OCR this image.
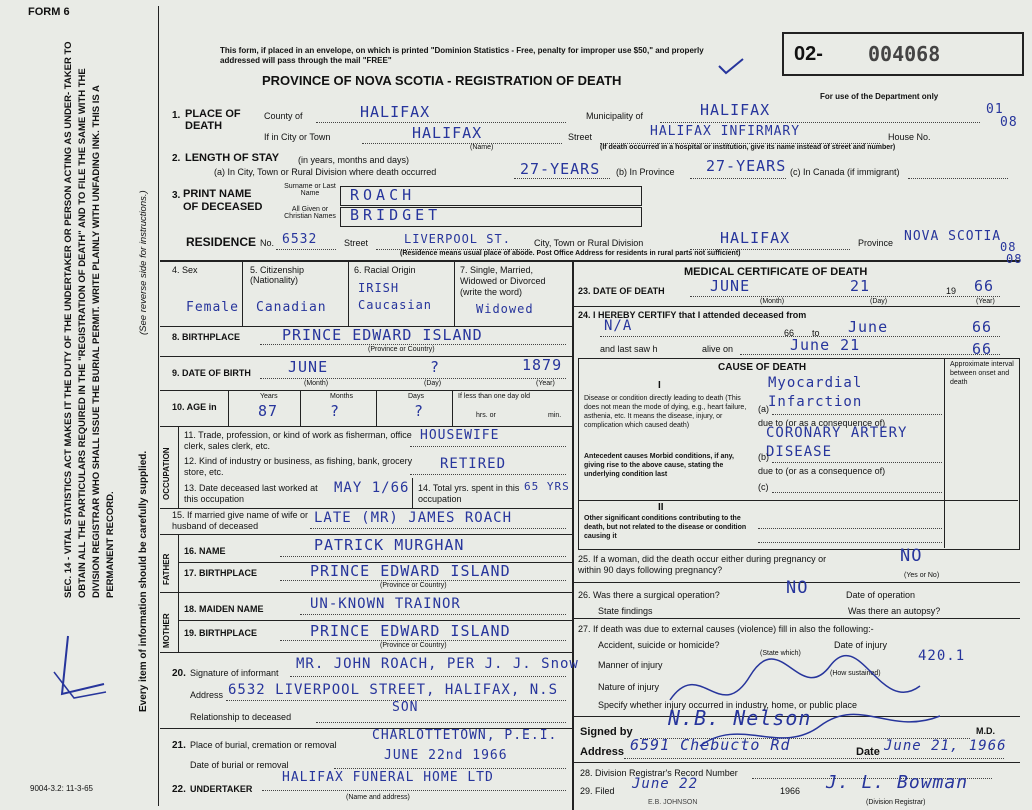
FORM 6
SEC. 14 - VITAL STATISTICS ACT MAKES IT THE DUTY OF THE UNDERTAKER OR PERSON ACTING AS UNDER- TAKER TO OBTAIN ALL THE PARTICULARS REQUIRED IN THE "REGISTRATION OF DEATH" AND TO FILE THE SAME WITH THE DIVISION REGISTRAR WHO SHALL ISSUE THE BURIAL PERMIT. WRITE PLAINLY WITH UNFADING INK. THIS IS A PERMANENT RECORD.
(See reverse side for instructions.)
Every item of information should be carefully supplied.
9004-3.2: 11-3-65
This form, if placed in an envelope, on which is printed "Dominion Statistics - Free, penalty for improper use $50," and properly addressed will pass through the mail "FREE"
PROVINCE OF NOVA SCOTIA - REGISTRATION OF DEATH
02- 004068
For use of the Department only
01
08
1. PLACE OF DEATH
County of	HALIFAX	Municipality of	HALIFAX
If in City or Town	HALIFAX
(Name)
Street	HALIFAX INFIRMARY	House No.
(If death occurred in a hospital or institution, give its name instead of street and number)
2. LENGTH OF STAY (in years, months and days)
(a) In City, Town or Rural Division where death occurred	27-YEARS (b) In Province 27-YEARS (c) In Canada (if immigrant)
3. PRINT NAME OF DECEASED
Surname or Last Name	ROACH
All Given or Christian Names BRIDGET
RESIDENCE No. 6532	Street	LIVERPOOL ST.	City, Town or Rural Division	HALIFAX	Province NOVA SCOTIA
08
(Residence means usual place of abode. Post Office Address for residents in rural parts not sufficient)	08
4. Sex
Female
5. Citizenship (Nationality)
Canadian
6. Racial Origin
IRISH Caucasian
7. Single, Married, Widowed or Divorced (write the word)
Widowed
8. BIRTHPLACE	PRINCE EDWARD ISLAND
(Province or Country)
9. DATE OF BIRTH JUNE	?	1879
(Month)	(Day)	(Year)
10. AGE in
Years	Months	Days
87	?	?
If less than one day old
hrs. or	min.
OCCUPATION
11. Trade, profession, or kind of work as fisherman, office clerk, sales clerk, etc.
HOUSEWIFE
12. Kind of industry or business, as fishing, bank, grocery store, etc.	RETIRED
13. Date deceased last worked at this occupation
MAY 1/66 14. Total yrs. spent in this occupation
65 YRS
15. If married give name of wife or husband of deceased	LATE (MR) JAMES ROACH
FATHER
16. NAME	PATRICK MURGHAN
17. BIRTHPLACE	PRINCE EDWARD ISLAND
(Province or Country)
MOTHER
18. MAIDEN NAME	UN-KNOWN TRAINOR
19. BIRTHPLACE	PRINCE EDWARD ISLAND
(Province or Country)
20. Signature of informant
MR. JOHN ROACH, PER J. J. Snow
Address 6532 LIVERPOOL STREET, HALIFAX, N.S
SON
Relationship to deceased
21. Place of burial, cremation or removal
CHARLOTTETOWN, P.E.I.
Date of burial or removal
JUNE 22nd 1966
22. UNDERTAKER
HALIFAX FUNERAL HOME LTD
(Name and address)
MEDICAL CERTIFICATE OF DEATH
23. DATE OF DEATH	JUNE	21	19 66
(Month)	(Day)	(Year)
24. I HEREBY CERTIFY that I attended deceased from
N/A	66 to June	66
and last saw h	alive on	June 21	66
CAUSE OF DEATH	Approximate interval between onset and death
I
Disease or condition directly leading to death (This does not mean the mode of dying, e.g., heart failure, asthenia, etc. It means the disease, injury, or complication which caused death)
(a)
Myocardial Infarction
due to (or as a consequence of)
Antecedent causes Morbid conditions, if any, giving rise to the above cause, stating the underlying condition last
CORONARY ARTERY DISEASE
(b)
due to (or as a consequence of)
(c)
II
Other significant conditions contributing to the death, but not related to the disease or condition causing it
25. If a woman, did the death occur either during pregnancy or within 90 days following pregnancy?
NO
(Yes or No)
26. Was there a surgical operation?	NO	Date of operation
State findings	Was there an autopsy?
27. If death was due to external causes (violence) fill in also the following:-
Accident, suicide or homicide?
(State which)
Date of injury
Manner of injury
420.1
Nature of injury
(How sustained)
Specify whether injury occurred in industry, home, or public place
Signed by
N.B. Nelson
M.D.
Address 6591 Chebucto Rd	Date June 21, 1966
28. Division Registrar's Record Number
29. Filed June 22	1966 J. L. Bowman
E.B. JOHNSON	(Division Registrar)
